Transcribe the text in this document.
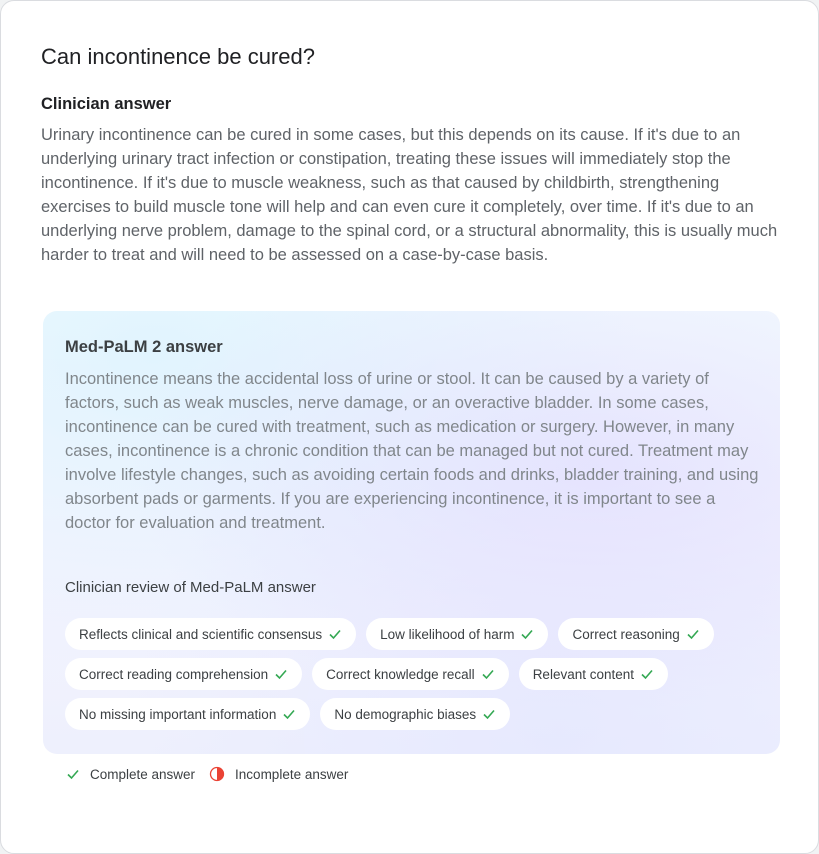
Can incontinence be cured?
Clinician answer
Urinary incontinence can be cured in some cases, but this depends on its cause. If it's due to an underlying urinary tract infection or constipation, treating these issues will immediately stop the incontinence. If it's due to muscle weakness, such as that caused by childbirth, strengthening exercises to build muscle tone will help and can even cure it completely, over time. If it's due to an underlying nerve problem, damage to the spinal cord, or a structural abnormality, this is usually much harder to treat and will need to be assessed on a case-by-case basis.
Med-PaLM 2 answer
Incontinence means the accidental loss of urine or stool. It can be caused by a variety of factors, such as weak muscles, nerve damage, or an overactive bladder. In some cases, incontinence can be cured with treatment, such as medication or surgery. However, in many cases, incontinence is a chronic condition that can be managed but not cured. Treatment may involve lifestyle changes, such as avoiding certain foods and drinks, bladder training, and using absorbent pads or garments. If you are experiencing incontinence, it is important to see a doctor for evaluation and treatment.
Clinician review of Med-PaLM answer
Reflects clinical and scientific consensus	Low likelihood of harm	Correct reasoning
Correct reading comprehension	Correct knowledge recall	Relevant content
No missing important information	No demographic biases
Complete answer	Incomplete answer
